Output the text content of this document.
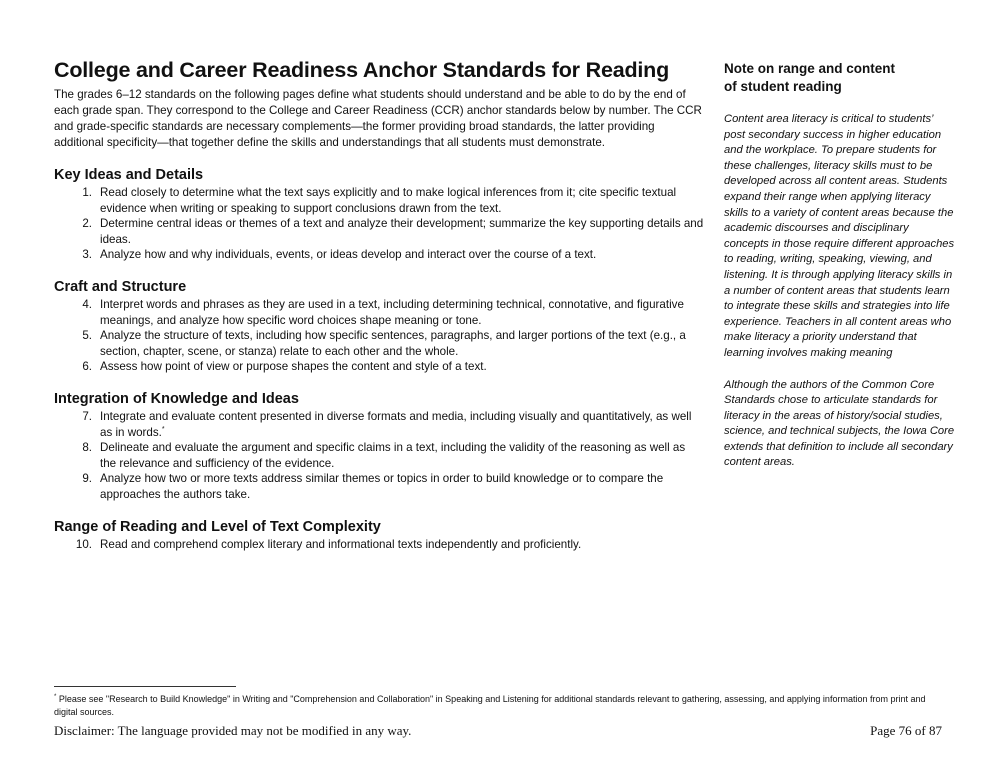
College and Career Readiness Anchor Standards for Reading

The grades 6–12 standards on the following pages define what students should understand and be able to do by the end of each grade span. They correspond to the College and Career Readiness (CCR) anchor standards below by number. The CCR and grade-specific standards are necessary complements—the former providing broad standards, the latter providing additional specificity—that together define the skills and understandings that all students must demonstrate.

Key Ideas and Details
1. Read closely to determine what the text says explicitly and to make logical inferences from it; cite specific textual evidence when writing or speaking to support conclusions drawn from the text.
2. Determine central ideas or themes of a text and analyze their development; summarize the key supporting details and ideas.
3. Analyze how and why individuals, events, or ideas develop and interact over the course of a text.
Craft and Structure
4. Interpret words and phrases as they are used in a text, including determining technical, connotative, and figurative meanings, and analyze how specific word choices shape meaning or tone.
5. Analyze the structure of texts, including how specific sentences, paragraphs, and larger portions of the text (e.g., a section, chapter, scene, or stanza) relate to each other and the whole.
6. Assess how point of view or purpose shapes the content and style of a text.
Integration of Knowledge and Ideas
7. Integrate and evaluate content presented in diverse formats and media, including visually and quantitatively, as well as in words.*
8. Delineate and evaluate the argument and specific claims in a text, including the validity of the reasoning as well as the relevance and sufficiency of the evidence.
9. Analyze how two or more texts address similar themes or topics in order to build knowledge or to compare the approaches the authors take.
Range of Reading and Level of Text Complexity
10. Read and comprehend complex literary and informational texts independently and proficiently.
Note on range and content
of student reading

Content area literacy is critical to students’ post secondary success in higher education and the workplace. To prepare students for these challenges, literacy skills must to be developed across all content areas. Students expand their range when applying literacy skills to a variety of content areas because the academic discourses and disciplinary concepts in those require different approaches to reading, writing, speaking, viewing, and listening. It is through applying literacy skills in a number of content areas that students learn to integrate these skills and strategies into life experience. Teachers in all content areas who make literacy a priority understand that learning involves making meaning

Although the authors of the Common Core Standards chose to articulate standards for literacy in the areas of history/social studies, science, and technical subjects, the Iowa Core extends that definition to include all secondary content areas.

* Please see "Research to Build Knowledge" in Writing and "Comprehension and Collaboration" in Speaking and Listening for additional standards relevant to gathering, assessing, and applying information from print and digital sources.
Disclaimer: The language provided may not be modified in any way.	Page 76 of 87
